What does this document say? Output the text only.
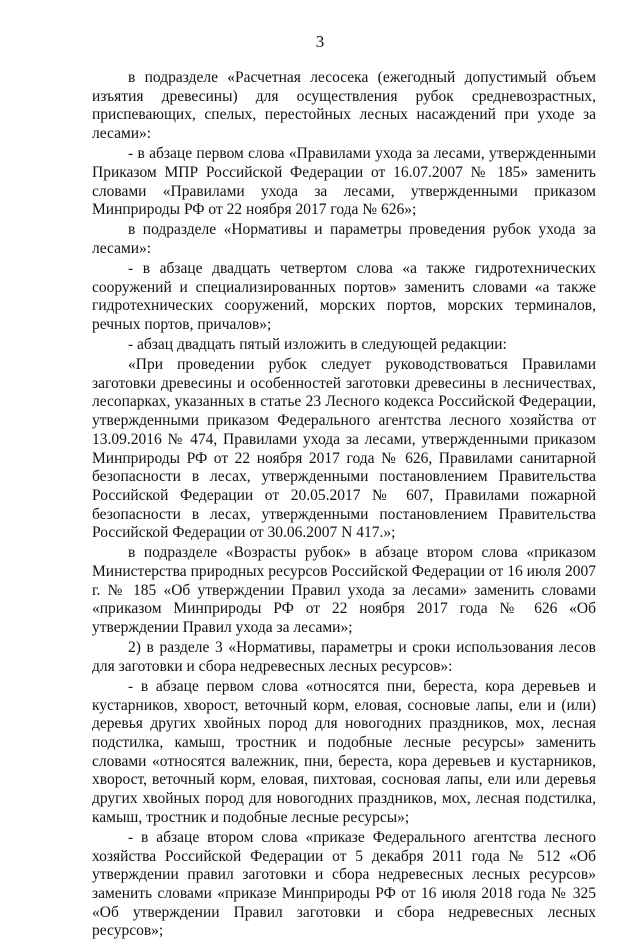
3

в подразделе «Расчетная лесосека (ежегодный допустимый объем изъятия древесины) для осуществления рубок средневозрастных, приспевающих, спелых, перестойных лесных насаждений при уходе за лесами»:

- в абзаце первом слова «Правилами ухода за лесами, утвержденными Приказом МПР Российской Федерации от 16.07.2007 № 185» заменить словами «Правилами ухода за лесами, утвержденными приказом Минприроды РФ от 22 ноября 2017 года № 626»;

в подразделе «Нормативы и параметры проведения рубок ухода за лесами»:

- в абзаце двадцать четвертом слова «а также гидротехнических сооружений и специализированных портов» заменить словами «а также гидротехнических сооружений, морских портов, морских терминалов, речных портов, причалов»;

- абзац двадцать пятый изложить в следующей редакции:

«При проведении рубок следует руководствоваться Правилами заготовки древесины и особенностей заготовки древесины в лесничествах, лесопарках, указанных в статье 23 Лесного кодекса Российской Федерации, утвержденными приказом Федерального агентства лесного хозяйства от 13.09.2016 № 474, Правилами ухода за лесами, утвержденными приказом Минприроды РФ от 22 ноября 2017 года № 626, Правилами санитарной безопасности в лесах, утвержденными постановлением Правительства Российской Федерации от 20.05.2017 № 607, Правилами пожарной безопасности в лесах, утвержденными постановлением Правительства Российской Федерации от 30.06.2007 N 417.»;

в подразделе «Возрасты рубок» в абзаце втором слова «приказом Министерства природных ресурсов Российской Федерации от 16 июля 2007 г. № 185 «Об утверждении Правил ухода за лесами» заменить словами «приказом Минприроды РФ от 22 ноября 2017 года № 626 «Об утверждении Правил ухода за лесами»;

2) в разделе 3 «Нормативы, параметры и сроки использования лесов для заготовки и сбора недревесных лесных ресурсов»:

- в абзаце первом слова «относятся пни, береста, кора деревьев и кустарников, хворост, веточный корм, еловая, сосновые лапы, ели и (или) деревья других хвойных пород для новогодних праздников, мох, лесная подстилка, камыш, тростник и подобные лесные ресурсы» заменить словами «относятся валежник, пни, береста, кора деревьев и кустарников, хворост, веточный корм, еловая, пихтовая, сосновая лапы, ели или деревья других хвойных пород для новогодних праздников, мох, лесная подстилка, камыш, тростник и подобные лесные ресурсы»;

- в абзаце втором слова «приказе Федерального агентства лесного хозяйства Российской Федерации от 5 декабря 2011 года № 512 «Об утверждении правил заготовки и сбора недревесных лесных ресурсов» заменить словами «приказе Минприроды РФ от 16 июля 2018 года № 325 «Об утверждении Правил заготовки и сбора недревесных лесных ресурсов»;
